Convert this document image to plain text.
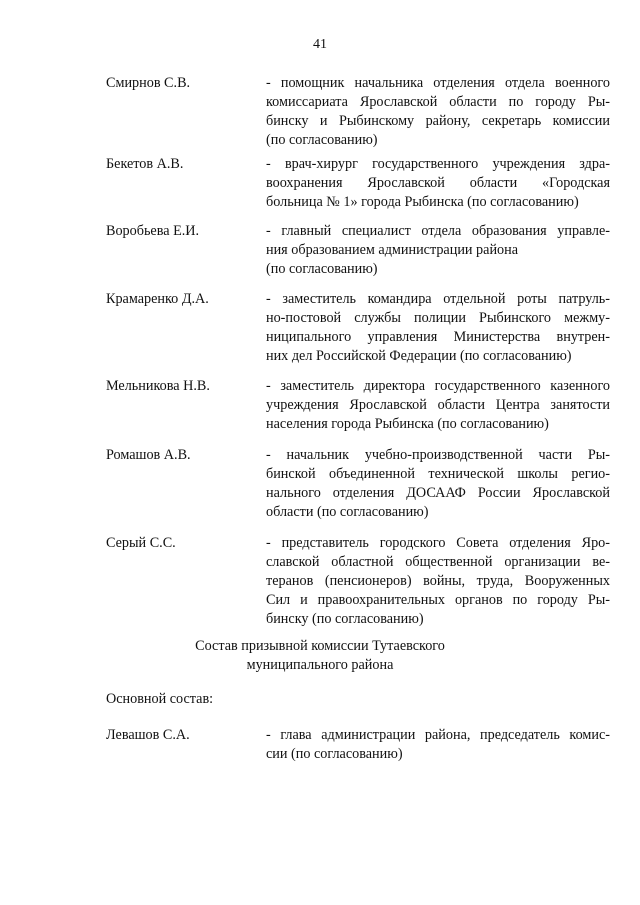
41
Смирнов С.В.	- помощник начальника отделения отдела военного
комиссариата Ярославской области по городу Ры-
бинску и Рыбинскому району, секретарь комиссии
(по согласованию)
Бекетов А.В.	- врач-хирург государственного учреждения здра-
воохранения Ярославской области «Городская
больница № 1» города Рыбинска (по согласованию)
Воробьева Е.И.	- главный специалист отдела образования управле-
ния образованием администрации района
(по согласованию)
Крамаренко Д.А.	- заместитель командира отдельной роты патруль-
но-постовой службы полиции Рыбинского межму-
ниципального управления Министерства внутрен-
них дел Российской Федерации (по согласованию)
Мельникова Н.В.	- заместитель директора государственного казенного
учреждения Ярославской области Центра занятости
населения города Рыбинска (по согласованию)
Ромашов А.В.	- начальник учебно-производственной части Ры-
бинской объединенной технической школы регио-
нального отделения ДОСААФ России Ярославской
области (по согласованию)
Серый С.С.	- представитель городского Совета отделения Яро-
славской областной общественной организации ве-
теранов (пенсионеров) войны, труда, Вооруженных
Сил и правоохранительных органов по городу Ры-
бинску (по согласованию)
Состав призывной комиссии Тутаевского
муниципального района
Основной состав:
Левашов С.А.	- глава администрации района, председатель комис-
сии (по согласованию)
